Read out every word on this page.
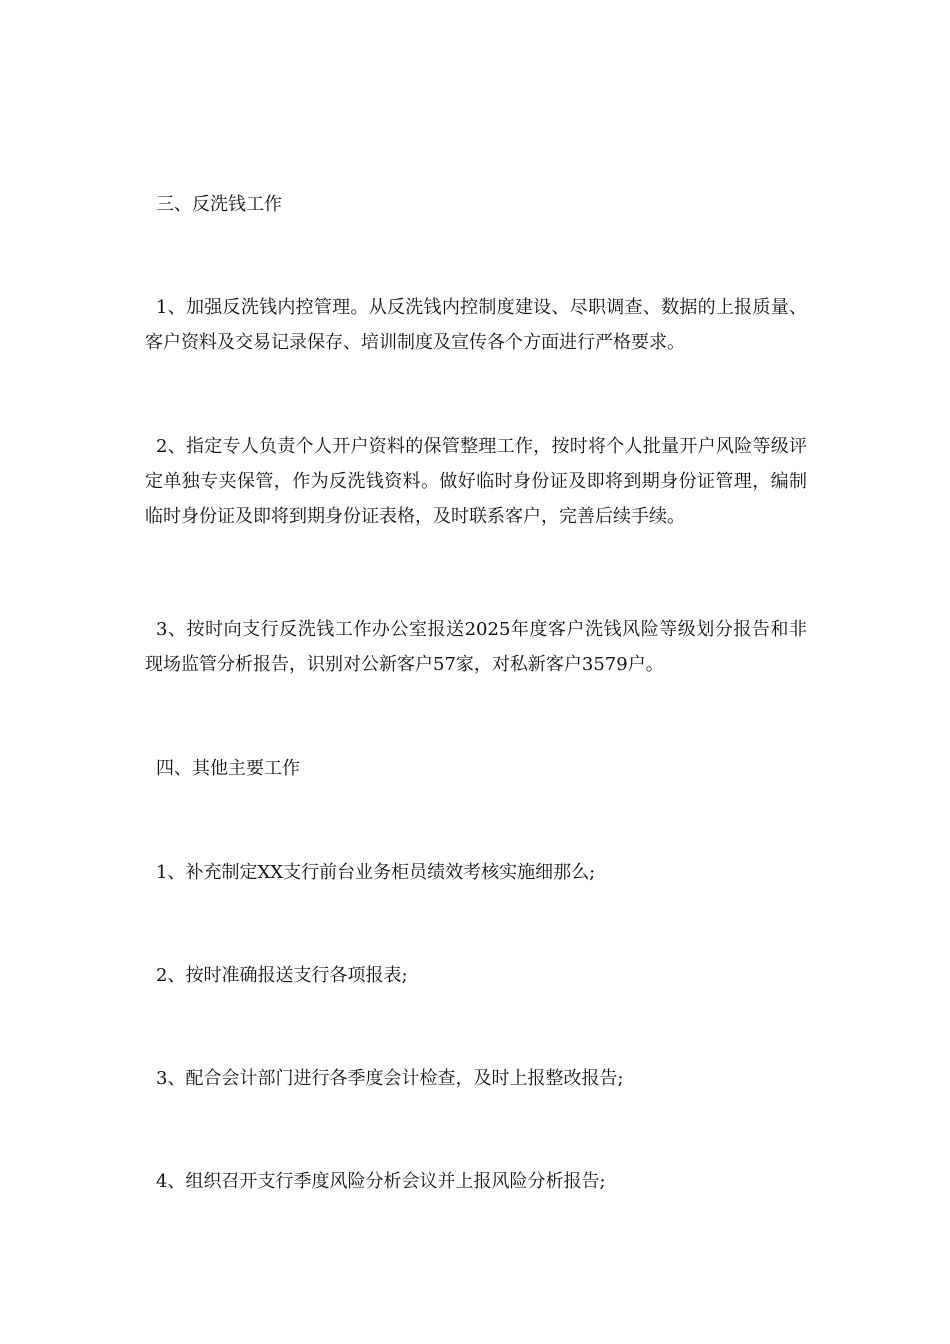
三、反洗钱工作
1、加强反洗钱内控管理。从反洗钱内控制度建设、尽职调查、数据的上报质量、客户资料及交易记录保存、培训制度及宣传各个方面进行严格要求。
2、指定专人负责个人开户资料的保管整理工作，按时将个人批量开户风险等级评定单独专夹保管，作为反洗钱资料。做好临时身份证及即将到期身份证管理，编制临时身份证及即将到期身份证表格，及时联系客户，完善后续手续。
3、按时向支行反洗钱工作办公室报送2025年度客户洗钱风险等级划分报告和非现场监管分析报告，识别对公新客户57家，对私新客户3579户。
四、其他主要工作
1、补充制定XX支行前台业务柜员绩效考核实施细那么;
2、按时准确报送支行各项报表;
3、配合会计部门进行各季度会计检查，及时上报整改报告;
4、组织召开支行季度风险分析会议并上报风险分析报告;
